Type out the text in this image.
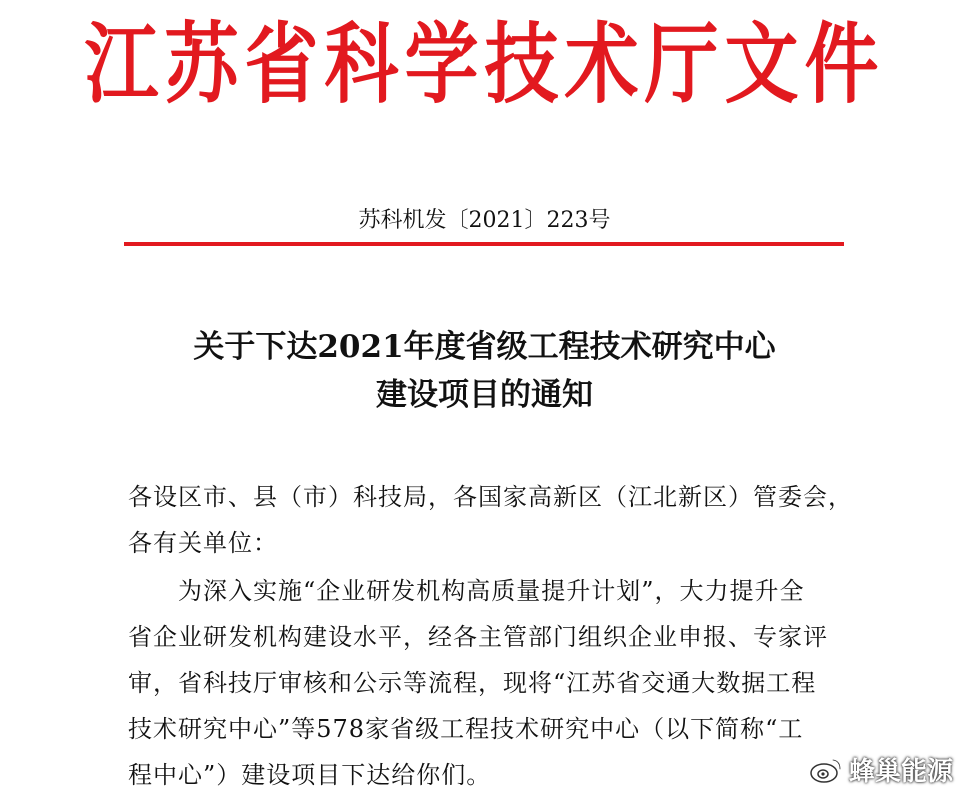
江苏省科学技术厅文件
苏科机发〔2021〕223号
关于下达2021年度省级工程技术研究中心
建设项目的通知
各设区市、县（市）科技局，各国家高新区（江北新区）管委会，
各有关单位：
　　为深入实施“企业研发机构高质量提升计划”，大力提升全
省企业研发机构建设水平，经各主管部门组织企业申报、专家评
审，省科技厅审核和公示等流程，现将“江苏省交通大数据工程
技术研究中心”等578家省级工程技术研究中心（以下简称“工
程中心”）建设项目下达给你们。	蜂巢能源
